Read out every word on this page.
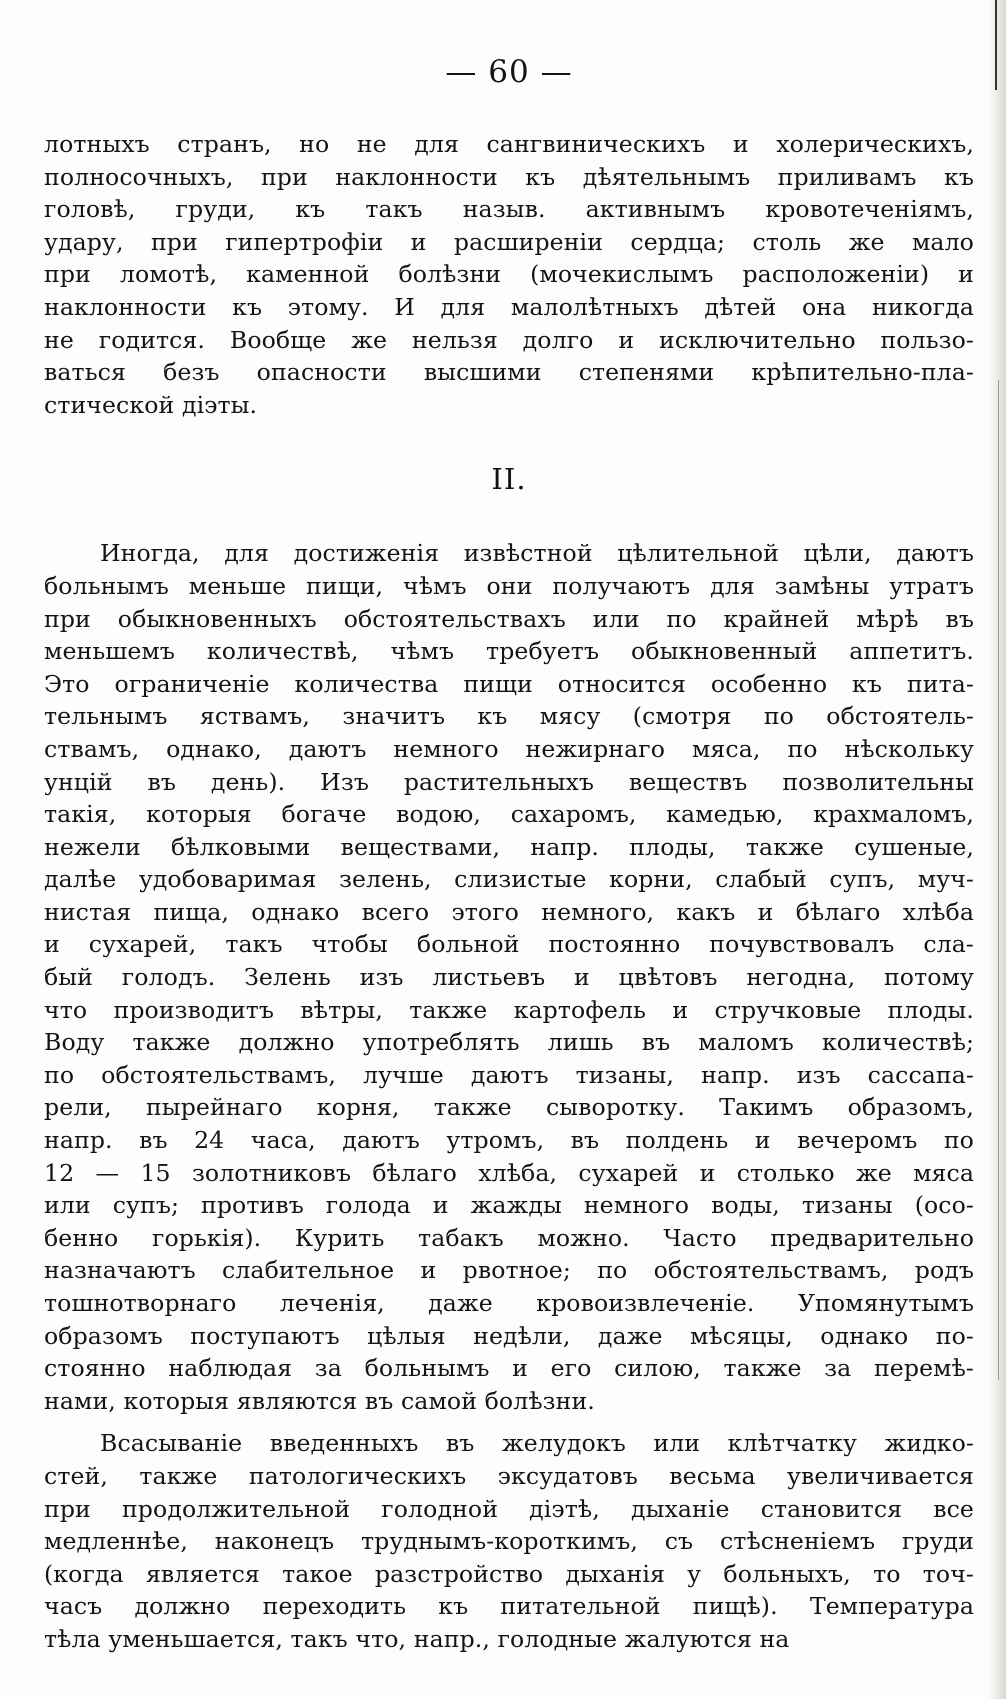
— 60 —
лотныхъ странъ, но не для сангвиническихъ и холерическихъ,
полносочныхъ, при наклонности къ дѣятельнымъ приливамъ къ
головѣ, груди, къ такъ назыв. активнымъ кровотеченіямъ,
удару, при гипертрофіи и расширеніи сердца; столь же мало
при ломотѣ, каменной болѣзни (мочекислымъ расположеніи) и
наклонности къ этому. И для малолѣтныхъ дѣтей она никогда
не годится. Вообще же нельзя долго и исключительно пользо-
ваться безъ опасности высшими степенями крѣпительно-пла-
стической діэты.
II.
Иногда, для достиженія извѣстной цѣлительной цѣли, даютъ
больнымъ меньше пищи, чѣмъ они получаютъ для замѣны утратъ
при обыкновенныхъ обстоятельствахъ или по крайней мѣрѣ въ
меньшемъ количествѣ, чѣмъ требуетъ обыкновенный аппетитъ.
Это ограниченіе количества пищи относится особенно къ пита-
тельнымъ яствамъ, значитъ къ мясу (смотря по обстоятель-
ствамъ, однако, даютъ немного нежирнаго мяса, по нѣскольку
унцій въ день). Изъ растительныхъ веществъ позволительны
такія, которыя богаче водою, сахаромъ, камедью, крахмаломъ,
нежели бѣлковыми веществами, напр. плоды, также сушеные,
далѣе удобоваримая зелень, слизистые корни, слабый супъ, муч-
нистая пища, однако всего этого немного, какъ и бѣлаго хлѣба
и сухарей, такъ чтобы больной постоянно почувствовалъ сла-
бый голодъ. Зелень изъ листьевъ и цвѣтовъ негодна, потому
что производитъ вѣтры, также картофель и стручковые плоды.
Воду также должно употреблять лишь въ маломъ количествѣ;
по обстоятельствамъ, лучше даютъ тизаны, напр. изъ сассапа-
рели, пырейнаго корня, также сыворотку. Такимъ образомъ,
напр. въ 24 часа, даютъ утромъ, въ полдень и вечеромъ по
12 — 15 золотниковъ бѣлаго хлѣба, сухарей и столько же мяса
или супъ; противъ голода и жажды немного воды, тизаны (осо-
бенно горькія). Курить табакъ можно. Часто предварительно
назначаютъ слабительное и рвотное; по обстоятельствамъ, родъ
тошнотворнаго леченія, даже кровоизвлеченіе. Упомянутымъ
образомъ поступаютъ цѣлыя недѣли, даже мѣсяцы, однако по-
стоянно наблюдая за больнымъ и его силою, также за перемѣ-
нами, которыя являются въ самой болѣзни.
Всасываніе введенныхъ въ желудокъ или клѣтчатку жидко-
стей, также патологическихъ эксудатовъ весьма увеличивается
при продолжительной голодной діэтѣ, дыханіе становится все
медленнѣе, наконецъ труднымъ-короткимъ, съ стѣсненіемъ груди
(когда является такое разстройство дыханія у больныхъ, то точ-
часъ должно переходить къ питательной пищѣ). Температура
тѣла уменьшается, такъ что, напр., голодные жалуются на
